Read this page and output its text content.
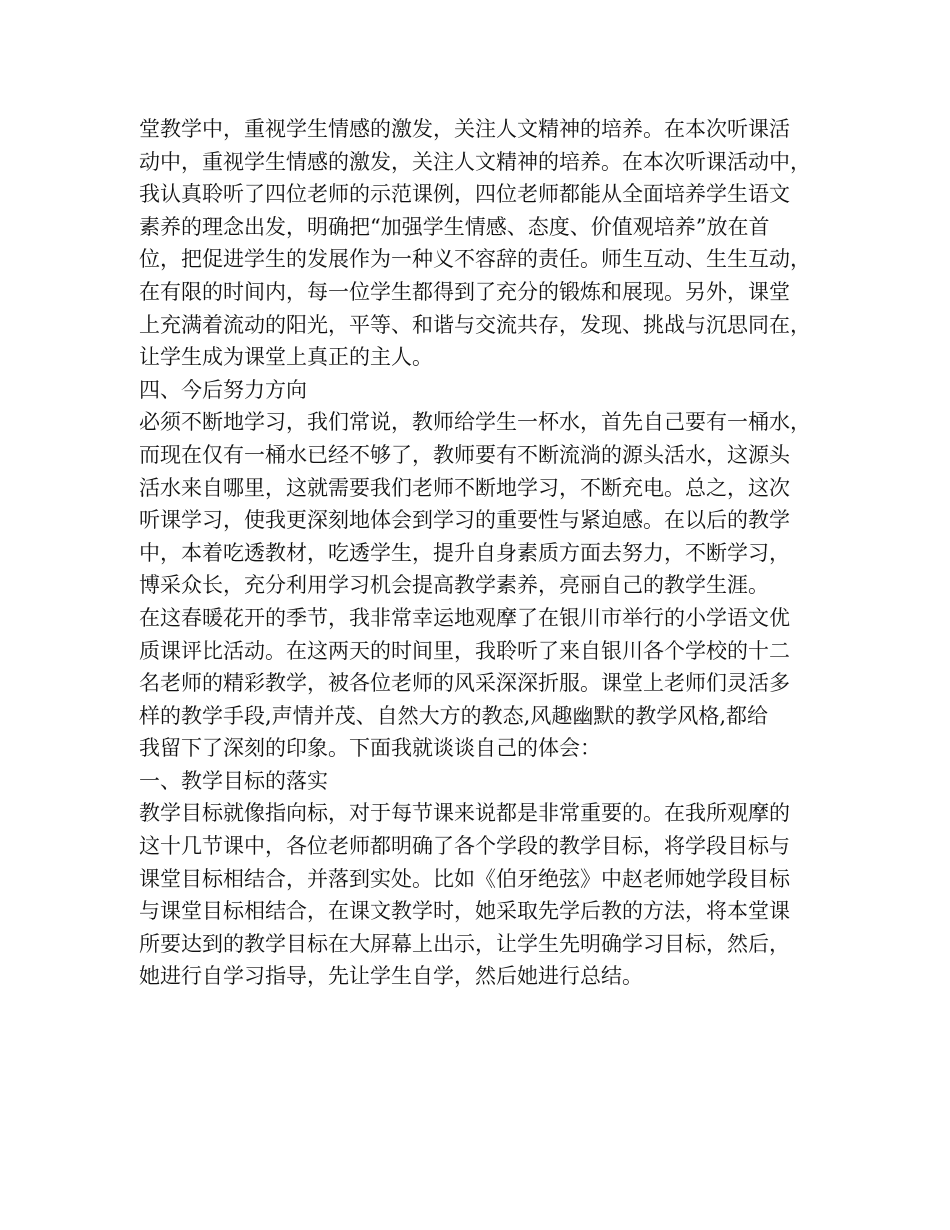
堂教学中，重视学生情感的激发，关注人文精神的培养。在本次听课活
动中，重视学生情感的激发，关注人文精神的培养。在本次听课活动中，
我认真聆听了四位老师的示范课例，四位老师都能从全面培养学生语文
素养的理念出发，明确把“加强学生情感、态度、价值观培养”放在首
位，把促进学生的发展作为一种义不容辞的责任。师生互动、生生互动，
在有限的时间内，每一位学生都得到了充分的锻炼和展现。另外，课堂
上充满着流动的阳光，平等、和谐与交流共存，发现、挑战与沉思同在，
让学生成为课堂上真正的主人。
四、今后努力方向
必须不断地学习，我们常说，教师给学生一杯水，首先自己要有一桶水，
而现在仅有一桶水已经不够了，教师要有不断流淌的源头活水，这源头
活水来自哪里，这就需要我们老师不断地学习，不断充电。总之，这次
听课学习，使我更深刻地体会到学习的重要性与紧迫感。在以后的教学
中，本着吃透教材，吃透学生，提升自身素质方面去努力，不断学习，
博采众长，充分利用学习机会提高教学素养，亮丽自己的教学生涯。
在这春暖花开的季节，我非常幸运地观摩了在银川市举行的小学语文优
质课评比活动。在这两天的时间里，我聆听了来自银川各个学校的十二
名老师的精彩教学，被各位老师的风采深深折服。课堂上老师们灵活多
样的教学手段,声情并茂、自然大方的教态,风趣幽默的教学风格,都给
我留下了深刻的印象。下面我就谈谈自己的体会：
一、教学目标的落实
教学目标就像指向标，对于每节课来说都是非常重要的。在我所观摩的
这十几节课中，各位老师都明确了各个学段的教学目标，将学段目标与
课堂目标相结合，并落到实处。比如《伯牙绝弦》中赵老师她学段目标
与课堂目标相结合，在课文教学时，她采取先学后教的方法，将本堂课
所要达到的教学目标在大屏幕上出示，让学生先明确学习目标，然后，
她进行自学习指导，先让学生自学，然后她进行总结。
